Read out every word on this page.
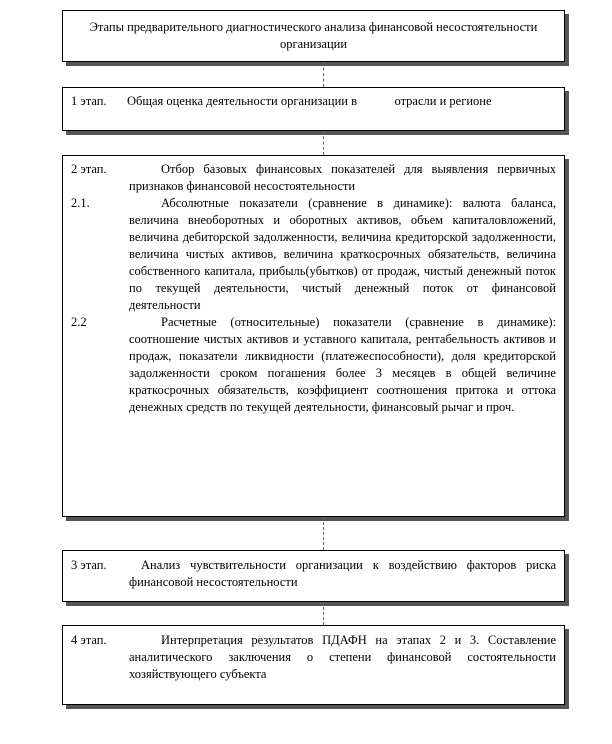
Этапы предварительного диагностического анализа финансовой несостоятельности организации
1 этап.	Общая оценка деятельности организации в            отрасли и регионе
2 этап.	Отбор базовых финансовых показателей для выявления первичных признаков финансовой несостоятельности
2.1.	Абсолютные показатели (сравнение в динамике): валюта баланса, величина внеоборотных и оборотных активов, объем капиталовложений, величина дебиторской задолженности, величина кредиторской задолженности, величина чистых активов, величина краткосрочных обязательств, величина собственного капитала, прибыль(убытков) от продаж, чистый денежный поток по текущей деятельности, чистый денежный поток от финансовой деятельности
2.2	Расчетные (относительные) показатели (сравнение в динамике): соотношение чистых активов и уставного капитала, рентабельность активов и продаж, показатели ликвидности (платежеспособности), доля кредиторской задолженности сроком погашения более 3 месяцев в общей величине краткосрочных обязательств, коэффициент соотношения притока и оттока денежных средств по текущей деятельности, финансовый рычаг и проч.
3 этап.	Анализ чувствительности организации к воздействию факторов риска финансовой несостоятельности
4 этап.	Интерпретация результатов ПДАФН на этапах 2 и 3. Составление аналитического заключения о степени финансовой состоятельности хозяйствующего субъекта
